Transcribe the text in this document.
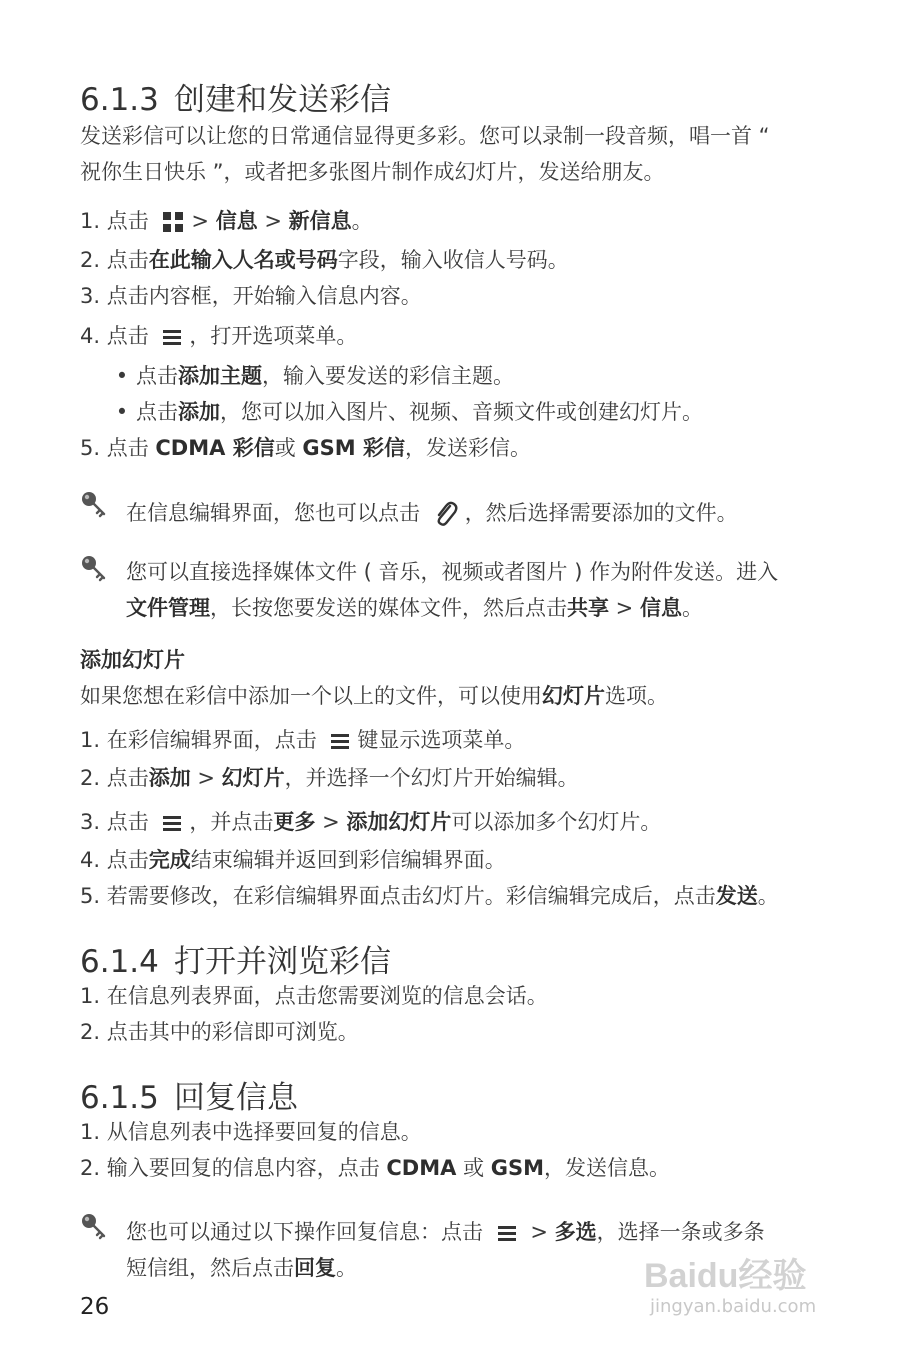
6.1.3 创建和发送彩信
发送彩信可以让您的日常通信显得更多彩。您可以录制一段音频，唱一首 “
祝你生日快乐 ”，或者把多张图片制作成幻灯片，发送给朋友。
1. 点击 > 信息 > 新信息。
2. 点击在此输入人名或号码字段，输入收信人号码。
3. 点击内容框，开始输入信息内容。
4. 点击 ，打开选项菜单。
• 点击添加主题，输入要发送的彩信主题。
• 点击添加，您可以加入图片、视频、音频文件或创建幻灯片。
5. 点击 CDMA 彩信或 GSM 彩信，发送彩信。
在信息编辑界面，您也可以点击 ，然后选择需要添加的文件。
您可以直接选择媒体文件 ( 音乐，视频或者图片 ) 作为附件发送。进入
文件管理，长按您要发送的媒体文件，然后点击共享 > 信息。
添加幻灯片
如果您想在彩信中添加一个以上的文件，可以使用幻灯片选项。
1. 在彩信编辑界面，点击 键显示选项菜单。
2. 点击添加 > 幻灯片，并选择一个幻灯片开始编辑。
3. 点击 ，并点击更多 > 添加幻灯片可以添加多个幻灯片。
4. 点击完成结束编辑并返回到彩信编辑界面。
5. 若需要修改，在彩信编辑界面点击幻灯片。彩信编辑完成后，点击发送。
6.1.4 打开并浏览彩信
1. 在信息列表界面，点击您需要浏览的信息会话。
2. 点击其中的彩信即可浏览。
6.1.5 回复信息
1. 从信息列表中选择要回复的信息。
2. 输入要回复的信息内容，点击 CDMA 或 GSM，发送信息。
您也可以通过以下操作回复信息：点击  > 多选，选择一条或多条
短信组，然后点击回复。
26
Baidu经验
jingyan.baidu.com
